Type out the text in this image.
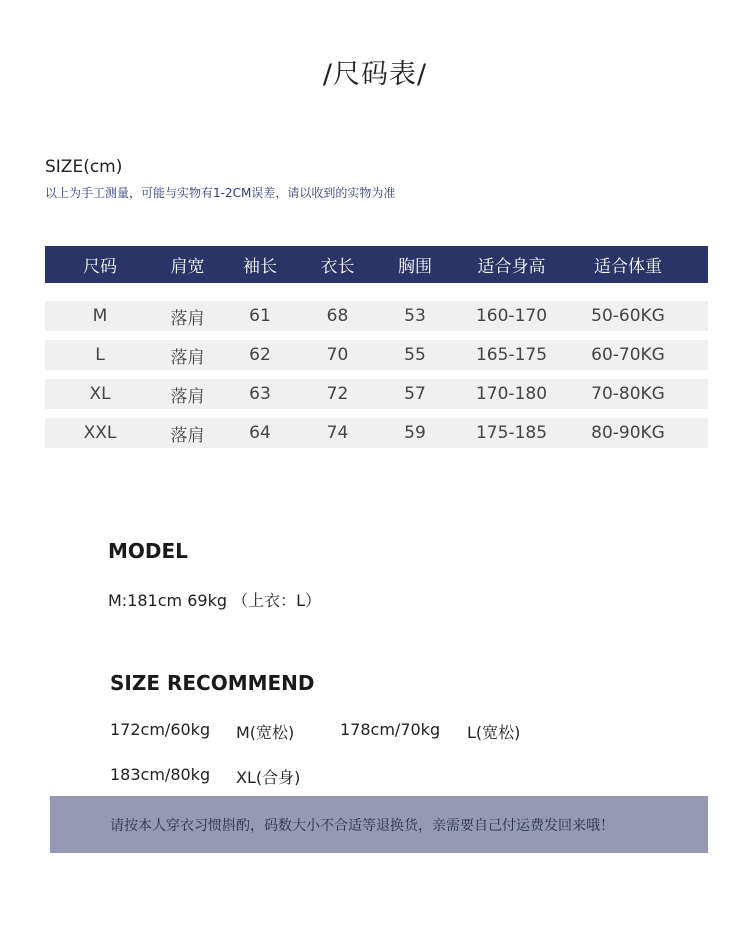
/尺码表/
SIZE(cm)
以上为手工测量，可能与实物有1-2CM误差，请以收到的实物为准
尺码	肩宽	袖长	衣长	胸围	适合身高	适合体重
M	落肩	61	68	53	160-170	50-60KG
L	落肩	62	70	55	165-175	60-70KG
XL	落肩	63	72	57	170-180	70-80KG
XXL	落肩	64	74	59	175-185	80-90KG
MODEL
M:181cm 69kg （上衣：L）
SIZE RECOMMEND
172cm/60kg M(宽松)	178cm/70kg L(宽松)
183cm/80kg XL(合身)
请按本人穿衣习惯斟酌，码数大小不合适等退换货，亲需要自己付运费发回来哦！
